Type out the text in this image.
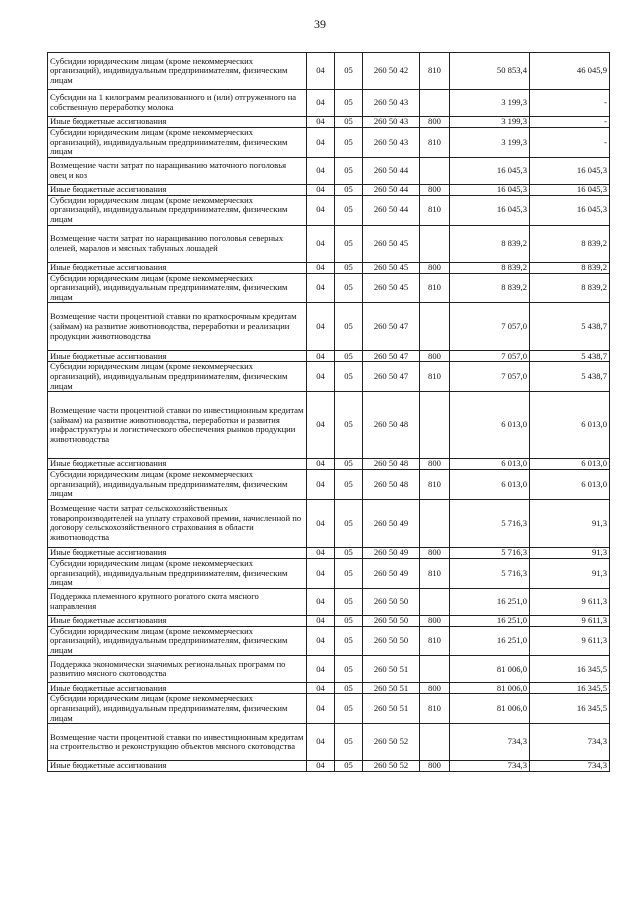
39
Субсидии юридическим лицам (кроме некоммерческих организаций), индивидуальным предпринимателям, физическим лицам	04	05	260 50 42	810	50 853,4	46 045,9
Субсидии на 1 килограмм реализованного и (или) отгруженного на собственную переработку молока	04	05	260 50 43		3 199,3	-
Иные бюджетные ассигнования	04	05	260 50 43	800	3 199,3	-
Субсидии юридическим лицам (кроме некоммерческих организаций), индивидуальным предпринимателям, физическим лицам	04	05	260 50 43	810	3 199,3	-
Возмещение части затрат по наращиванию маточного поголовья овец и коз	04	05	260 50 44		16 045,3	16 045,3
Иные бюджетные ассигнования	04	05	260 50 44	800	16 045,3	16 045,3
Субсидии юридическим лицам (кроме некоммерческих организаций), индивидуальным предпринимателям, физическим лицам	04	05	260 50 44	810	16 045,3	16 045,3
Возмещение части затрат по наращиванию поголовья северных оленей, маралов и мясных табунных лошадей	04	05	260 50 45		8 839,2	8 839,2
Иные бюджетные ассигнования	04	05	260 50 45	800	8 839,2	8 839,2
Субсидии юридическим лицам (кроме некоммерческих организаций), индивидуальным предпринимателям, физическим лицам	04	05	260 50 45	810	8 839,2	8 839,2
Возмещение части процентной ставки по краткосрочным кредитам (займам) на развитие животноводства, переработки и реализации продукции животноводства	04	05	260 50 47		7 057,0	5 438,7
Иные бюджетные ассигнования	04	05	260 50 47	800	7 057,0	5 438,7
Субсидии юридическим лицам (кроме некоммерческих организаций), индивидуальным предпринимателям, физическим лицам	04	05	260 50 47	810	7 057,0	5 438,7
Возмещение части процентной ставки по инвестиционным кредитам (займам) на развитие животноводства, переработки и развития инфраструктуры и логистического обеспечения рынков продукции животноводства	04	05	260 50 48		6 013,0	6 013,0
Иные бюджетные ассигнования	04	05	260 50 48	800	6 013,0	6 013,0
Субсидии юридическим лицам (кроме некоммерческих организаций), индивидуальным предпринимателям, физическим лицам	04	05	260 50 48	810	6 013,0	6 013,0
Возмещение части затрат сельскохозяйственных товаропроизводителей на уплату страховой премии, начисленной по договору сельскохозяйственного страхования в области животноводства	04	05	260 50 49		5 716,3	91,3
Иные бюджетные ассигнования	04	05	260 50 49	800	5 716,3	91,3
Субсидии юридическим лицам (кроме некоммерческих организаций), индивидуальным предпринимателям, физическим лицам	04	05	260 50 49	810	5 716,3	91,3
Поддержка племенного крупного рогатого скота мясного направления	04	05	260 50 50		16 251,0	9 611,3
Иные бюджетные ассигнования	04	05	260 50 50	800	16 251,0	9 611,3
Субсидии юридическим лицам (кроме некоммерческих организаций), индивидуальным предпринимателям, физическим лицам	04	05	260 50 50	810	16 251,0	9 611,3
Поддержка экономически значимых региональных программ по развитию мясного скотоводства	04	05	260 50 51		81 006,0	16 345,5
Иные бюджетные ассигнования	04	05	260 50 51	800	81 006,0	16 345,5
Субсидии юридическим лицам (кроме некоммерческих организаций), индивидуальным предпринимателям, физическим лицам	04	05	260 50 51	810	81 006,0	16 345,5
Возмещение части процентной ставки по инвестиционным кредитам на строительство и реконструкцию объектов мясного скотоводства	04	05	260 50 52		734,3	734,3
Иные бюджетные ассигнования	04	05	260 50 52	800	734,3	734,3
